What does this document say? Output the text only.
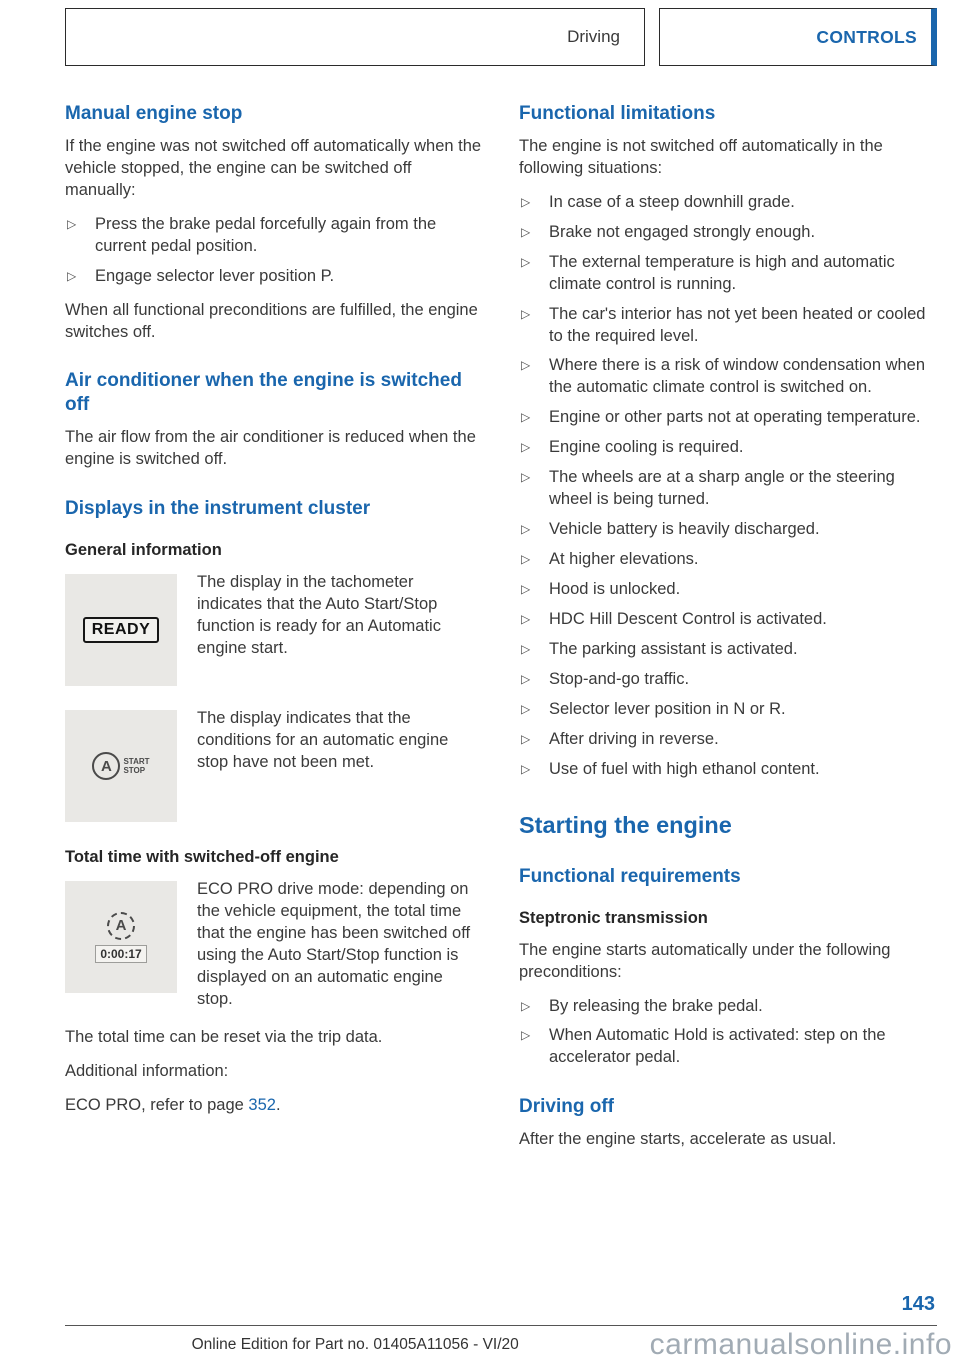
Driving	CONTROLS
Manual engine stop

If the engine was not switched off automatically when the vehicle stopped, the engine can be switched off manually:

▷ Press the brake pedal forcefully again from the current pedal position.
▷ Engage selector lever position P.

When all functional preconditions are fulfilled, the engine switches off.

Air conditioner when the engine is switched off

The air flow from the air conditioner is reduced when the engine is switched off.

Displays in the instrument cluster
General information
READY

The display in the tachometer indicates that the Auto Start/Stop function is ready for an Automatic engine start.

A	START
STOP

The display indicates that the conditions for an automatic engine stop have not been met.

Total time with switched-off engine
A
0:00:17

ECO PRO drive mode: depending on the vehicle equipment, the total time that the engine has been switched off using the Auto Start/Stop function is displayed on an automatic engine stop.

The total time can be reset via the trip data.

Additional information:

ECO PRO, refer to page 352.

Functional limitations

The engine is not switched off automatically in the following situations:

▷ In case of a steep downhill grade.
▷ Brake not engaged strongly enough.
▷ The external temperature is high and automatic climate control is running.
▷ The car's interior has not yet been heated or cooled to the required level.
▷ Where there is a risk of window condensation when the automatic climate control is switched on.
▷ Engine or other parts not at operating temperature.
▷ Engine cooling is required.
▷ The wheels are at a sharp angle or the steering wheel is being turned.
▷ Vehicle battery is heavily discharged.
▷ At higher elevations.
▷ Hood is unlocked.
▷ HDC Hill Descent Control is activated.
▷ The parking assistant is activated.
▷ Stop-and-go traffic.
▷ Selector lever position in N or R.
▷ After driving in reverse.
▷ Use of fuel with high ethanol content.
Starting the engine
Functional requirements
Steptronic transmission

The engine starts automatically under the following preconditions:

▷ By releasing the brake pedal.
▷ When Automatic Hold is activated: step on the accelerator pedal.
Driving off

After the engine starts, accelerate as usual.

143
Online Edition for Part no. 01405A11056 - VI/20	carmanualsonline.info
